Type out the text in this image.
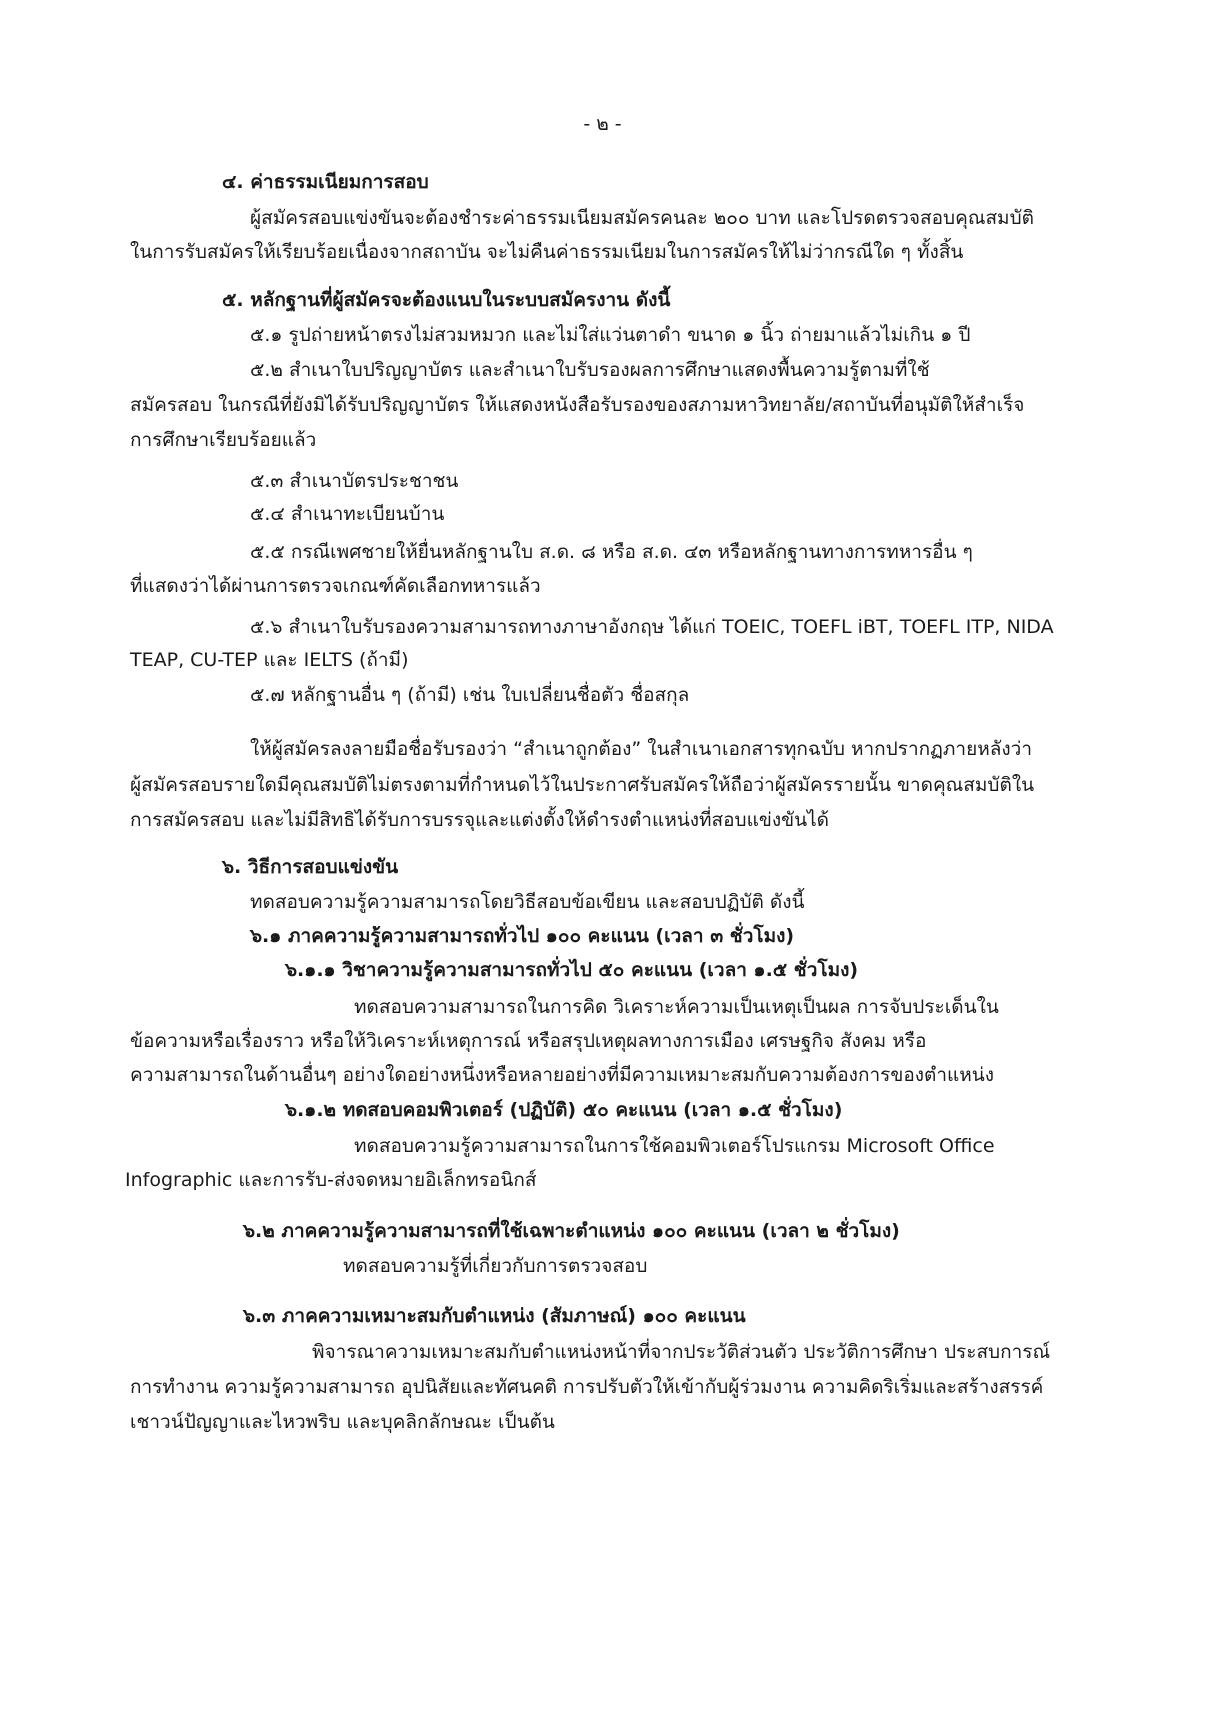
- ๒ -
๔. ค่าธรรมเนียมการสอบ
ผู้สมัครสอบแข่งขันจะต้องชำระค่าธรรมเนียมสมัครคนละ ๒๐๐ บาท และโปรดตรวจสอบคุณสมบัติ
ในการรับสมัครให้เรียบร้อยเนื่องจากสถาบัน จะไม่คืนค่าธรรมเนียมในการสมัครให้ไม่ว่ากรณีใด ๆ ทั้งสิ้น
๕. หลักฐานที่ผู้สมัครจะต้องแนบในระบบสมัครงาน ดังนี้
๕.๑ รูปถ่ายหน้าตรงไม่สวมหมวก และไม่ใส่แว่นตาดำ ขนาด ๑ นิ้ว ถ่ายมาแล้วไม่เกิน ๑ ปี
๕.๒ สำเนาใบปริญญาบัตร และสำเนาใบรับรองผลการศึกษาแสดงพื้นความรู้ตามที่ใช้
สมัครสอบ ในกรณีที่ยังมิได้รับปริญญาบัตร ให้แสดงหนังสือรับรองของสภามหาวิทยาลัย/สถาบันที่อนุมัติให้สำเร็จ
การศึกษาเรียบร้อยแล้ว
๕.๓ สำเนาบัตรประชาชน
๕.๔ สำเนาทะเบียนบ้าน
๕.๕ กรณีเพศชายให้ยื่นหลักฐานใบ ส.ด. ๘ หรือ ส.ด. ๔๓ หรือหลักฐานทางการทหารอื่น ๆ
ที่แสดงว่าได้ผ่านการตรวจเกณฑ์คัดเลือกทหารแล้ว
๕.๖ สำเนาใบรับรองความสามารถทางภาษาอังกฤษ ได้แก่ TOEIC, TOEFL iBT, TOEFL ITP, NIDA
TEAP, CU-TEP และ IELTS (ถ้ามี)
๕.๗ หลักฐานอื่น ๆ (ถ้ามี) เช่น ใบเปลี่ยนชื่อตัว ชื่อสกุล
ให้ผู้สมัครลงลายมือชื่อรับรองว่า “สำเนาถูกต้อง” ในสำเนาเอกสารทุกฉบับ หากปรากฏภายหลังว่า
ผู้สมัครสอบรายใดมีคุณสมบัติไม่ตรงตามที่กำหนดไว้ในประกาศรับสมัครให้ถือว่าผู้สมัครรายนั้น ขาดคุณสมบัติใน
การสมัครสอบ และไม่มีสิทธิได้รับการบรรจุและแต่งตั้งให้ดำรงตำแหน่งที่สอบแข่งขันได้
๖. วิธีการสอบแข่งขัน
ทดสอบความรู้ความสามารถโดยวิธีสอบข้อเขียน และสอบปฏิบัติ ดังนี้
๖.๑ ภาคความรู้ความสามารถทั่วไป ๑๐๐ คะแนน (เวลา ๓ ชั่วโมง)
๖.๑.๑ วิชาความรู้ความสามารถทั่วไป ๕๐ คะแนน (เวลา ๑.๕ ชั่วโมง)
ทดสอบความสามารถในการคิด วิเคราะห์ความเป็นเหตุเป็นผล การจับประเด็นใน
ข้อความหรือเรื่องราว หรือให้วิเคราะห์เหตุการณ์ หรือสรุปเหตุผลทางการเมือง เศรษฐกิจ สังคม หรือ
ความสามารถในด้านอื่นๆ อย่างใดอย่างหนึ่งหรือหลายอย่างที่มีความเหมาะสมกับความต้องการของตำแหน่ง
๖.๑.๒ ทดสอบคอมพิวเตอร์ (ปฏิบัติ) ๕๐ คะแนน (เวลา ๑.๕ ชั่วโมง)
ทดสอบความรู้ความสามารถในการใช้คอมพิวเตอร์โปรแกรม Microsoft Office
Infographic และการรับ-ส่งจดหมายอิเล็กทรอนิกส์
๖.๒ ภาคความรู้ความสามารถที่ใช้เฉพาะตำแหน่ง ๑๐๐ คะแนน (เวลา ๒ ชั่วโมง)
ทดสอบความรู้ที่เกี่ยวกับการตรวจสอบ
๖.๓ ภาคความเหมาะสมกับตำแหน่ง (สัมภาษณ์) ๑๐๐ คะแนน
พิจารณาความเหมาะสมกับตำแหน่งหน้าที่จากประวัติส่วนตัว ประวัติการศึกษา ประสบการณ์
การทำงาน ความรู้ความสามารถ อุปนิสัยและทัศนคติ การปรับตัวให้เข้ากับผู้ร่วมงาน ความคิดริเริ่มและสร้างสรรค์
เชาวน์ปัญญาและไหวพริบ และบุคลิกลักษณะ เป็นต้น
